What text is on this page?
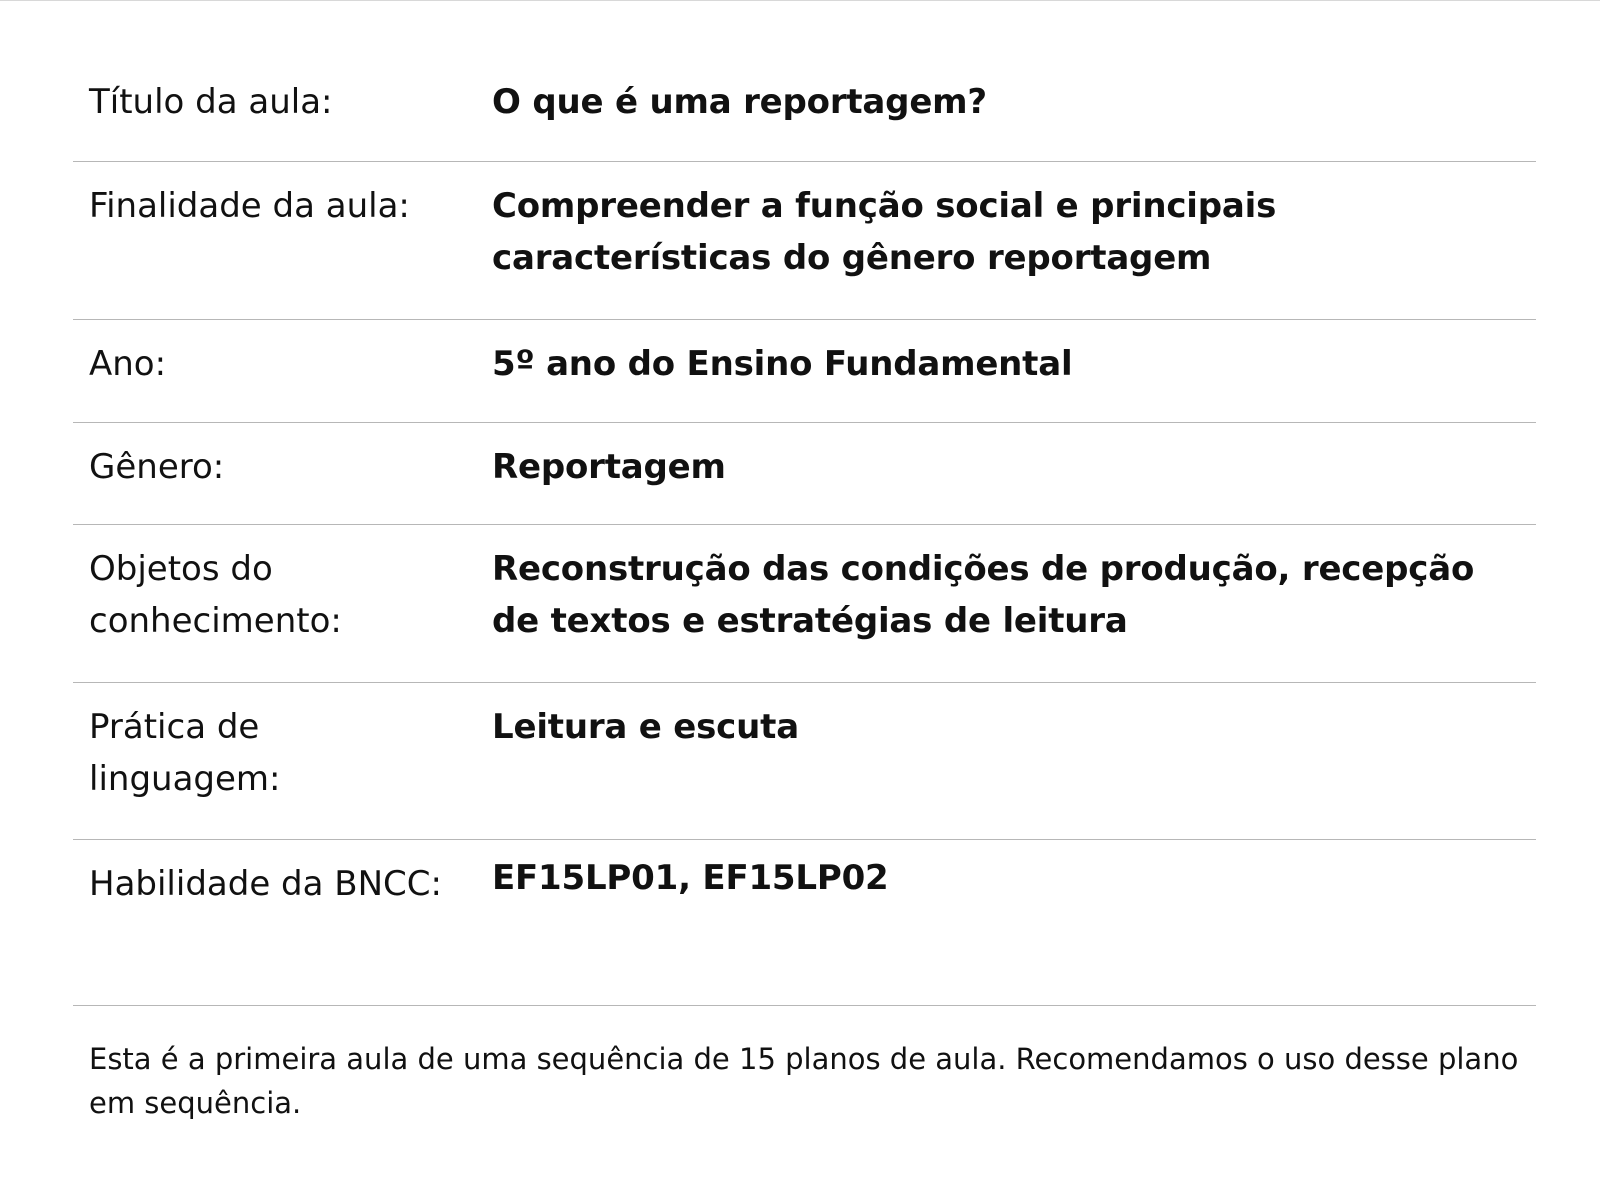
Título da aula:	O que é uma reportagem?
Finalidade da aula:	Compreender a função social e principais características do gênero reportagem
Ano:	5º ano do Ensino Fundamental
Gênero:	Reportagem
Objetos do conhecimento:
Reconstrução das condições de produção, recepção de textos e estratégias de leitura
Prática de linguagem:
Leitura e escuta
Habilidade da BNCC:	EF15LP01, EF15LP02
Esta é a primeira aula de uma sequência de 15 planos de aula. Recomendamos o uso desse plano em sequência.
